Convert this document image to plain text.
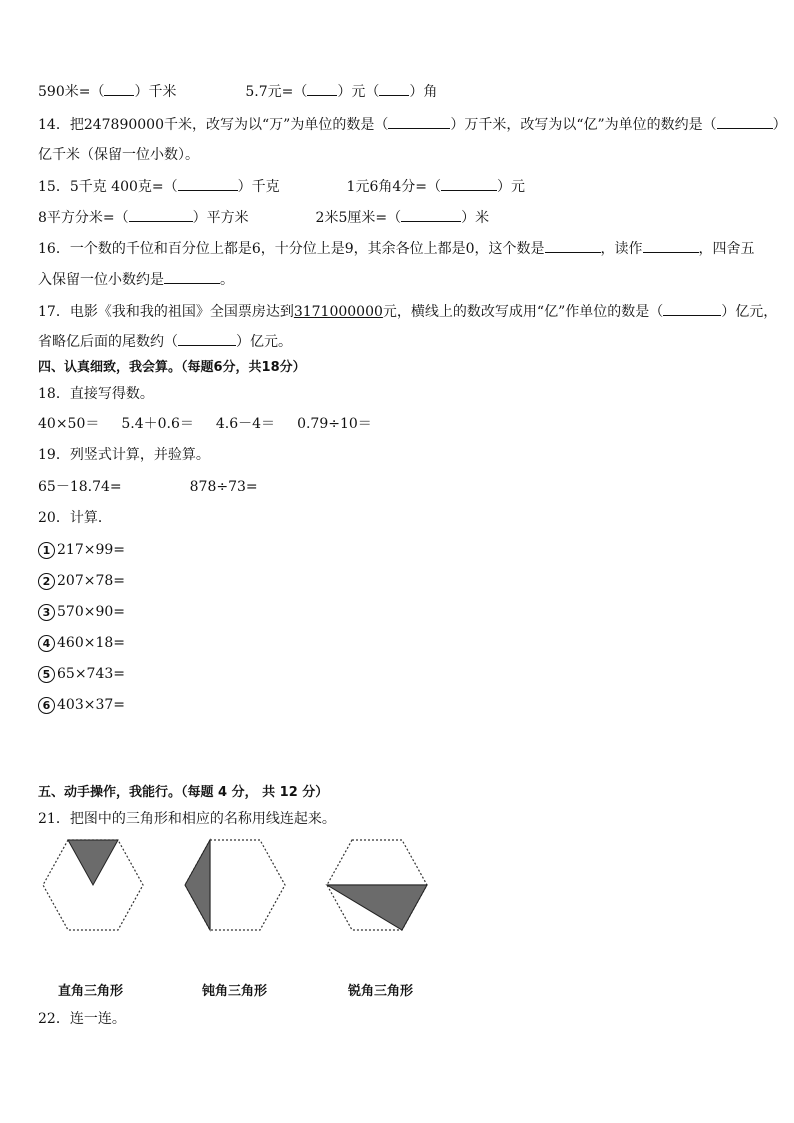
590米=（ ）千米	5.7元=（ ）元（ ）角
14．把247890000千米，改写为以“万”为单位的数是（	）万千米，改写为以“亿”为单位的数约是（	）
亿千米（保留一位小数）。
15．5千克 400克=（	）千克	1元6角4分=（	）元
8平方分米=（	）平方米	2米5厘米=（	）米
16．一个数的千位和百分位上都是6，十分位上是9，其余各位上都是0，这个数是	，读作	，四舍五
入保留一位小数约是	。
17．电影《我和我的祖国》全国票房达到3171000000元，横线上的数改写成用“亿”作单位的数是（	）亿元，
省略亿后面的尾数约（	）亿元。
四、认真细致，我会算。（每题6分，共18分）
18．直接写得数。
40×50＝ 5.4＋0.6＝ 4.6－4＝ 0.79÷10＝
19．列竖式计算，并验算。
65－18.74=	878÷73=
20．计算．
1 217×99=
2 207×78=
3 570×90=
4 460×18=
5 65×743=
6 403×37=
五、动手操作，我能行。（每题 4 分， 共 12 分）
21．把图中的三角形和相应的名称用线连起来。
直角三角形	钝角三角形	锐角三角形
22．连一连。
